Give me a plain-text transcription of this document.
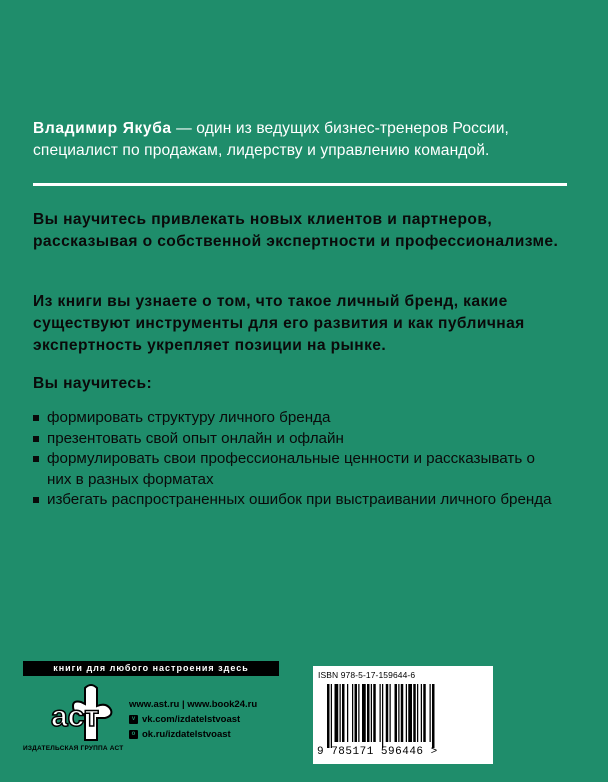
Владимир Якуба — один из ведущих бизнес-тренеров России, специалист по продажам, лидерству и управлению командой.

Вы научитесь привлекать новых клиентов и партнеров, рассказывая о собственной экспертности и профессионализме.

Из книги вы узнаете о том, что такое личный бренд, какие существуют инструменты для его развития и как публичная экспертность укрепляет позиции на рынке.

Вы научитесь:
формировать структуру личного бренда
презентовать свой опыт онлайн и офлайн
формулировать свои профессиональные ценности и рассказывать о них в разных форматах
избегать распространенных ошибок при выстраивании личного бренда
книги для любого настроения здесь
аст
ИЗДАТЕЛЬСКАЯ ГРУППА АСТ
www.ast.ru | www.book24.ru
v vk.com/izdatelstvoast
o ok.ru/izdatelstvoast
ISBN 978-5-17-159644-6
9 785171 596446 >
